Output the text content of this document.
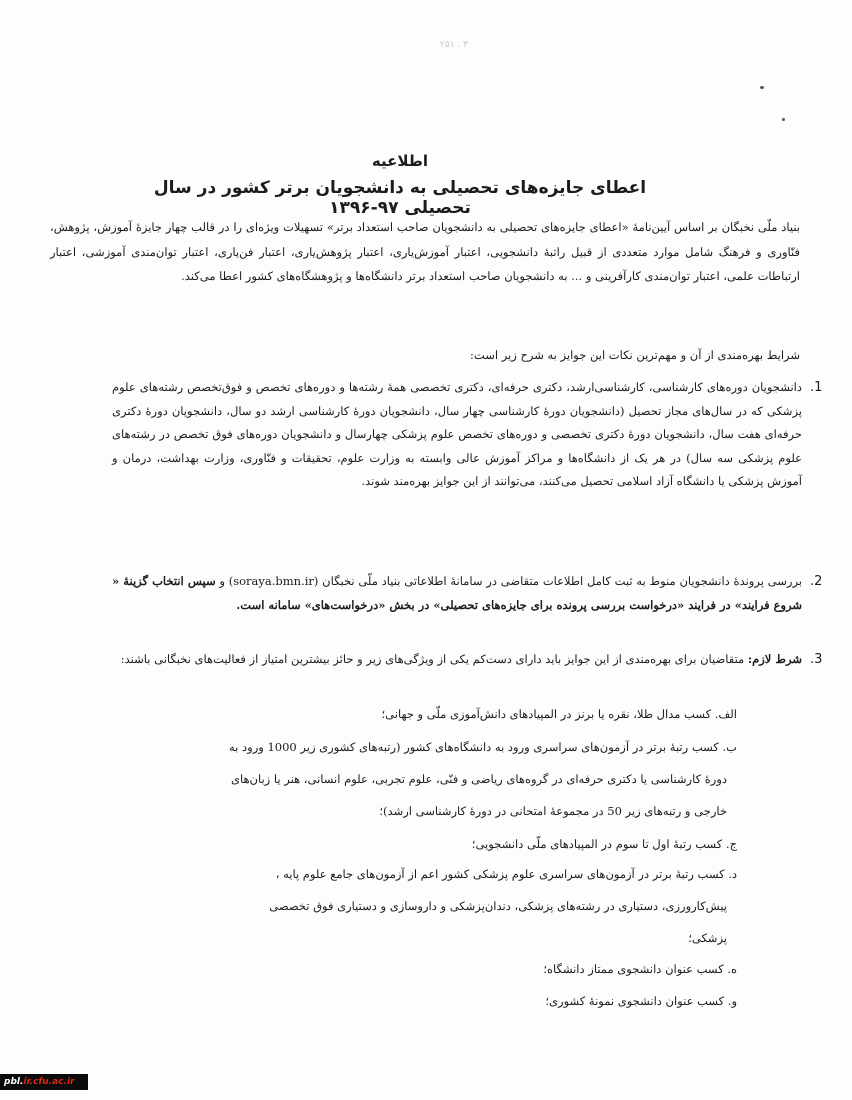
٢۵٣ . ١
اطلاعیه
اعطای جایزه‌های تحصیلی به دانشجویان برتر کشور در سال تحصیلی ۹۷-۱۳۹۶
بنیاد ملّی نخبگان بر اساس آیین‌نامهٔ «اعطای جایزه‌های تحصیلی به دانشجویان صاحب استعداد برتر» تسهیلات ویژه‌ای را در قالب چهار جایزهٔ آموزش، پژوهش، فنّاوری و فرهنگ شامل موارد متعددی از قبیل راتبهٔ دانشجویی، اعتبار آموزش‌یاری، اعتبار پژوهش‌یاری، اعتبار فن‌یاری، اعتبار توان‌مندی آموزشی، اعتبار ارتباطات علمی، اعتبار توان‌مندی کارآفرینی و ... به دانشجویان صاحب استعداد برتر دانشگاه‌ها و پژوهشگاه‌های کشور اعطا می‌کند.
شرایط بهره‌مندی از آن و مهم‌ترین نکات این جوایز به شرح زیر است:
1.
دانشجویان دوره‌های کارشناسی، کارشناسی‌ارشد، دکتری حرفه‌ای، دکتری تخصصی همهٔ رشته‌ها و دوره‌های تخصص و فوق‌تخصص رشته‌های علوم پزشکی که در سال‌های مجاز تحصیل (دانشجویان دورهٔ کارشناسی چهار سال، دانشجویان دورهٔ کارشناسی ارشد دو سال، دانشجویان دورهٔ دکتری حرفه‌ای هفت سال، دانشجویان دورهٔ دکتری تخصصی و دوره‌های تخصص علوم پزشکی چهارسال و دانشجویان دوره‌های فوق تخصص در رشته‌های علوم پزشکی سه سال) در هر یک از دانشگاه‌ها و مراکز آموزش عالی وابسته به وزارت علوم، تحقیقات و فنّاوری، وزارت بهداشت، درمان و آموزش پزشکی یا دانشگاه آزاد اسلامی تحصیل می‌کنند، می‌توانند از این جوایز بهره‌مند شوند.
2.
بررسی پروندهٔ دانشجویان منوط به ثبت کامل اطلاعات متقاضی در سامانهٔ اطلاعاتی بنیاد ملّی نخبگان (soraya.bmn.ir) و سپس انتخاب گزینهٔ « شروع فرایند» در فرایند «درخواست بررسی پرونده برای جایزه‌های تحصیلی» در بخش «درخواست‌های» سامانه است.
3.
شرط لازم: متقاضیان برای بهره‌مندی از این جوایز باید دارای دست‌کم یکی از ویژگی‌های زیر و حائز بیشترین امتیاز از فعالیت‌های نخبگانی باشند:
الف. کسب مدال طلا، نقره یا برنز در المپیادهای دانش‌آموزی ملّی و جهانی؛
ب. کسب رتبهٔ برتر در آزمون‌های سراسری ورود به دانشگاه‌های کشور (رتبه‌های کشوری زیر 1000 ورود به
دورهٔ کارشناسی یا دکتری حرفه‌ای در گروه‌های ریاضی و فنّی، علوم تجربی، علوم انسانی، هنر یا زبان‌های
خارجی و رتبه‌های زیر 50 در مجموعهٔ امتحانی در دورهٔ کارشناسی ارشد)؛
ج. کسب رتبهٔ اول تا سوم در المپیادهای ملّی دانشجویی؛
د. کسب رتبهٔ برتر در آزمون‌های سراسری علوم پزشکی کشور اعم از آزمون‌های جامع علوم پایه ،
پیش‌کارورزی، دستیاری در رشته‌های پزشکی، دندان‌پزشکی و داروسازی و دستیاری فوق تخصصی
پزشکی؛
ه. کسب عنوان دانشجوی ممتاز دانشگاه؛
و. کسب عنوان دانشجوی نمونهٔ کشوری؛
pbl. ir.cfu.ac.ir
